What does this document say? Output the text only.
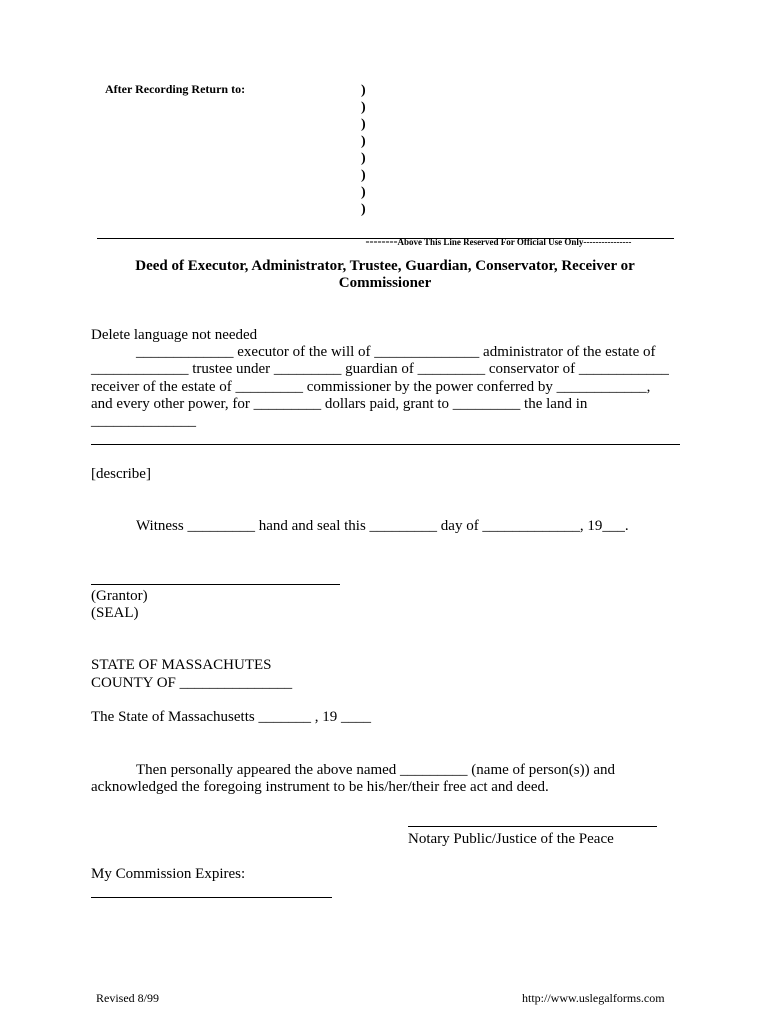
After Recording Return to:	)
)
)
)
)
)
)
)

--------Above This Line Reserved For Official Use Only----------------

Deed of Executor, Administrator, Trustee, Guardian, Conservator, Receiver or
Commissioner
Delete language not needed
_____________ executor of the will of ______________ administrator of the estate of
_____________ trustee under _________ guardian of _________ conservator of ____________
receiver of the estate of _________ commissioner by the power conferred by ____________,
and every other power, for _________ dollars paid, grant to _________ the land in
______________
[describe]
Witness _________ hand and seal this _________ day of _____________, 19___.
(Grantor)
(SEAL)
STATE OF MASSACHUTES
COUNTY OF _______________
The State of Massachusetts _______ , 19 ____
Then personally appeared the above named _________ (name of person(s)) and
acknowledged the foregoing instrument to be his/her/their free act and deed.
Notary Public/Justice of the Peace
My Commission Expires:
Revised 8/99	http://www.uslegalforms.com
